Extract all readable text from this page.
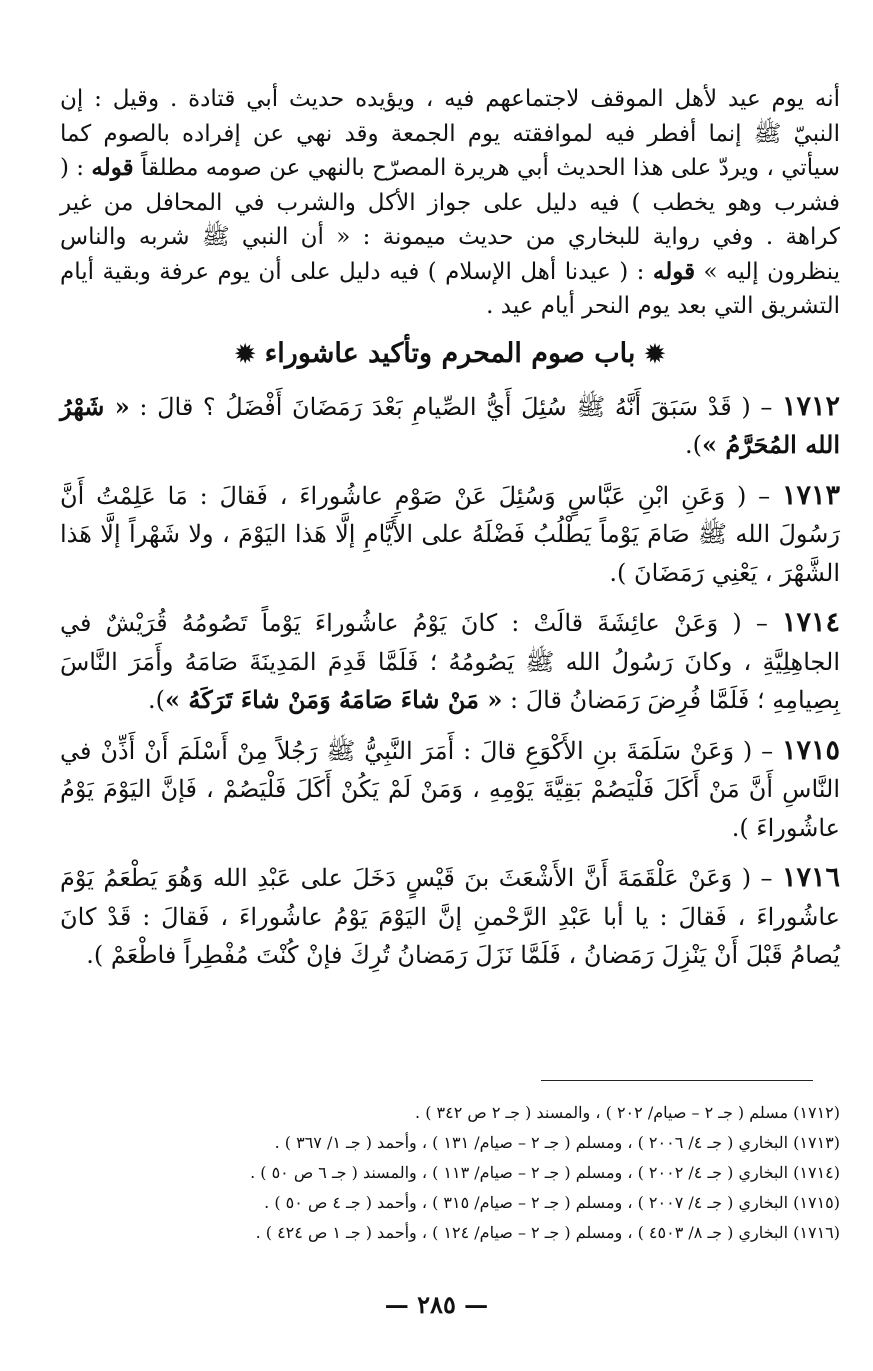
أنه يوم عيد لأهل الموقف لاجتماعهم فيه ، ويؤيده حديث أبي قتادة . وقيل : إن النبيّ ﷺ إنما أفطر فيه لموافقته يوم الجمعة وقد نهي عن إفراده بالصوم كما سيأتي ، ويردّ على هذا الحديث أبي هريرة المصرّح بالنهي عن صومه مطلقاً قوله : ( فشرب وهو يخطب ) فيه دليل على جواز الأكل والشرب في المحافل من غير كراهة . وفي رواية للبخاري من حديث ميمونة : « أن النبي ﷺ شربه والناس ينظرون إليه » قوله : ( عيدنا أهل الإسلام ) فيه دليل على أن يوم عرفة وبقية أيام التشريق التي بعد يوم النحر أيام عيد .

✹ باب صوم المحرم وتأكيد عاشوراء ✹

١٧١٢ – ( قَدْ سَبَقَ أَنَّهُ ﷺ سُئِلَ أَيُّ الصِّيامِ بَعْدَ رَمَضَانَ أَفْضَلُ ؟ قالَ : « شَهْرُ الله المُحَرَّمُ »).

١٧١٣ – ( وَعَنِ ابْنِ عَبَّاسٍ وَسُئِلَ عَنْ صَوْمِ عاشُوراءَ ، فَقالَ : مَا عَلِمْتُ أَنَّ رَسُولَ الله ﷺ صَامَ يَوْماً يَطْلُبُ فَضْلَهُ على الأَيَّامِ إلَّا هَذا اليَوْمَ ، ولا شَهْراً إلَّا هَذا الشَّهْرَ ، يَعْنِي رَمَضَانَ ).

١٧١٤ – ( وَعَنْ عائِشَةَ قالَتْ : كانَ يَوْمُ عاشُوراءَ يَوْماً تَصُومُهُ قُرَيْشٌ في الجاهِلِيَّةِ ، وكانَ رَسُولُ الله ﷺ يَصُومُهُ ؛ فَلَمَّا قَدِمَ المَدِينَةَ صَامَهُ وأَمَرَ النَّاسَ بِصِيامِهِ ؛ فَلَمَّا فُرِضَ رَمَضانُ قالَ : « مَنْ شاءَ صَامَهُ وَمَنْ شاءَ تَرَكَهُ »).

١٧١٥ – ( وَعَنْ سَلَمَةَ بنِ الأَكْوَعِ قالَ : أَمَرَ النَّبِيُّ ﷺ رَجُلاً مِنْ أَسْلَمَ أَنْ أَذِّنْ في النَّاسِ أَنَّ مَنْ أَكَلَ فَلْيَصُمْ بَقِيَّةَ يَوْمِهِ ، وَمَنْ لَمْ يَكُنْ أَكَلَ فَلْيَصُمْ ، فَإنَّ اليَوْمَ يَوْمُ عاشُوراءَ ).

١٧١٦ – ( وَعَنْ عَلْقَمَةَ أَنَّ الأَشْعَثَ بنَ قَيْسٍ دَخَلَ على عَبْدِ الله وَهُوَ يَطْعَمُ يَوْمَ عاشُوراءَ ، فَقالَ : يا أبا عَبْدِ الرَّحْمنِ إنَّ اليَوْمَ يَوْمُ عاشُوراءَ ، فَقالَ : قَدْ كانَ يُصامُ قَبْلَ أَنْ يَنْزِلَ رَمَضانُ ، فَلَمَّا نَزَلَ رَمَضانُ تُرِكَ فإنْ كُنْتَ مُفْطِراً فاطْعَمْ ).

(١٧١٢) مسلم ( جـ ٢ – صيام/ ٢٠٢ ) ، والمسند ( جـ ٢ ص ٣٤٢ ) .

(١٧١٣) البخاري ( جـ ٤/ ٢٠٠٦ ) ، ومسلم ( جـ ٢ – صيام/ ١٣١ ) ، وأحمد ( جـ ١/ ٣٦٧ ) .

(١٧١٤) البخاري ( جـ ٤/ ٢٠٠٢ ) ، ومسلم ( جـ ٢ – صيام/ ١١٣ ) ، والمسند ( جـ ٦ ص ٥٠ ) .

(١٧١٥) البخاري ( جـ ٤/ ٢٠٠٧ ) ، ومسلم ( جـ ٢ – صيام/ ٣١٥ ) ، وأحمد ( جـ ٤ ص ٥٠ ) .

(١٧١٦) البخاري ( جـ ٨/ ٤٥٠٣ ) ، ومسلم ( جـ ٢ – صيام/ ١٢٤ ) ، وأحمد ( جـ ١ ص ٤٢٤ ) .

— ٢٨٥ —
